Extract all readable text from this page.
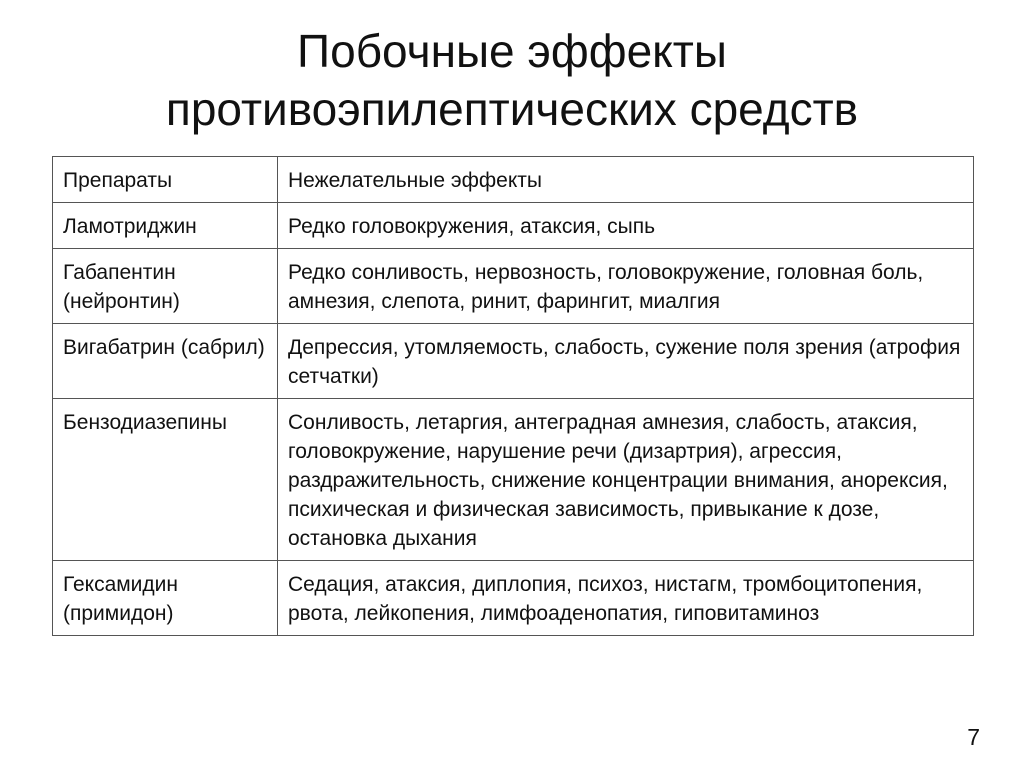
Побочные эффекты
противоэпилептических средств
Препараты	Нежелательные эффекты
Ламотриджин	Редко головокружения, атаксия, сыпь
Габапентин (нейронтин)	Редко сонливость, нервозность, головокружение, головная боль, амнезия, слепота, ринит, фарингит, миалгия
Вигабатрин (сабрил)	Депрессия, утомляемость, слабость, сужение поля зрения (атрофия сетчатки)
Бензодиазепины	Сонливость, летаргия, антеградная амнезия, слабость, атаксия, головокружение, нарушение речи (дизартрия), агрессия, раздражительность, снижение концентрации внимания, анорексия, психическая и физическая зависимость, привыкание к дозе, остановка дыхания
Гексамидин (примидон)	Седация, атаксия, диплопия, психоз, нистагм, тромбоцитопения, рвота, лейкопения, лимфоаденопатия, гиповитаминоз
7
